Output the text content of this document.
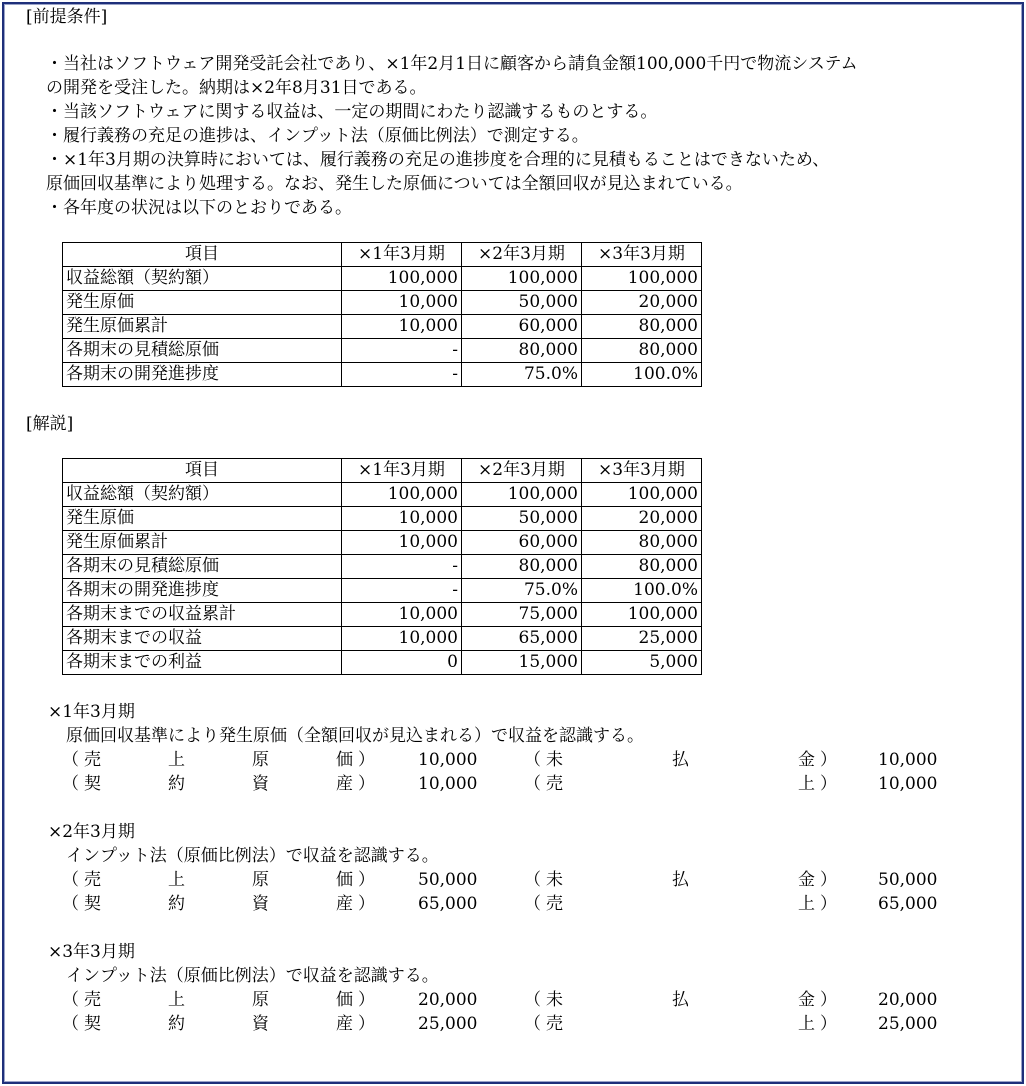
[前提条件]
・当社はソフトウェア開発受託会社であり、×1年2月1日に顧客から請負金額100,000千円で物流システム
の開発を受注した。納期は×2年8月31日である。
・当該ソフトウェアに関する収益は、一定の期間にわたり認識するものとする。
・履行義務の充足の進捗は、インプット法（原価比例法）で測定する。
・×1年3月期の決算時においては、履行義務の充足の進捗度を合理的に見積もることはできないため、
原価回収基準により処理する。なお、発生した原価については全額回収が見込まれている。
・各年度の状況は以下のとおりである。
項目	×1年3月期	×2年3月期	×3年3月期
収益総額（契約額）	100,000	100,000	100,000
発生原価	10,000	50,000	20,000
発生原価累計	10,000	60,000	80,000
各期末の見積総原価	-	80,000	80,000
各期末の開発進捗度	-	75.0%	100.0%
[解説]
項目	×1年3月期	×2年3月期	×3年3月期
収益総額（契約額）	100,000	100,000	100,000
発生原価	10,000	50,000	20,000
発生原価累計	10,000	60,000	80,000
各期末の見積総原価	-	80,000	80,000
各期末の開発進捗度	-	75.0%	100.0%
各期末までの収益累計	10,000	75,000	100,000
各期末までの収益	10,000	65,000	25,000
各期末までの利益	0	15,000	5,000
×1年3月期
原価回収基準により発生原価（全額回収が見込まれる）で収益を認識する。
（ 売	上	原	価 ）	10,000	（ 未	払	金 ） 10,000
（ 契	約	資	産 ）	10,000	（ 売	上 ） 10,000
×2年3月期
インプット法（原価比例法）で収益を認識する。
（ 売	上	原	価 ）	50,000	（ 未	払	金 ） 50,000
（ 契	約	資	産 ）	65,000	（ 売	上 ） 65,000
×3年3月期
インプット法（原価比例法）で収益を認識する。
（ 売	上	原	価 ）	20,000	（ 未	払	金 ） 20,000
（ 契	約	資	産 ）	25,000	（ 売	上 ） 25,000
